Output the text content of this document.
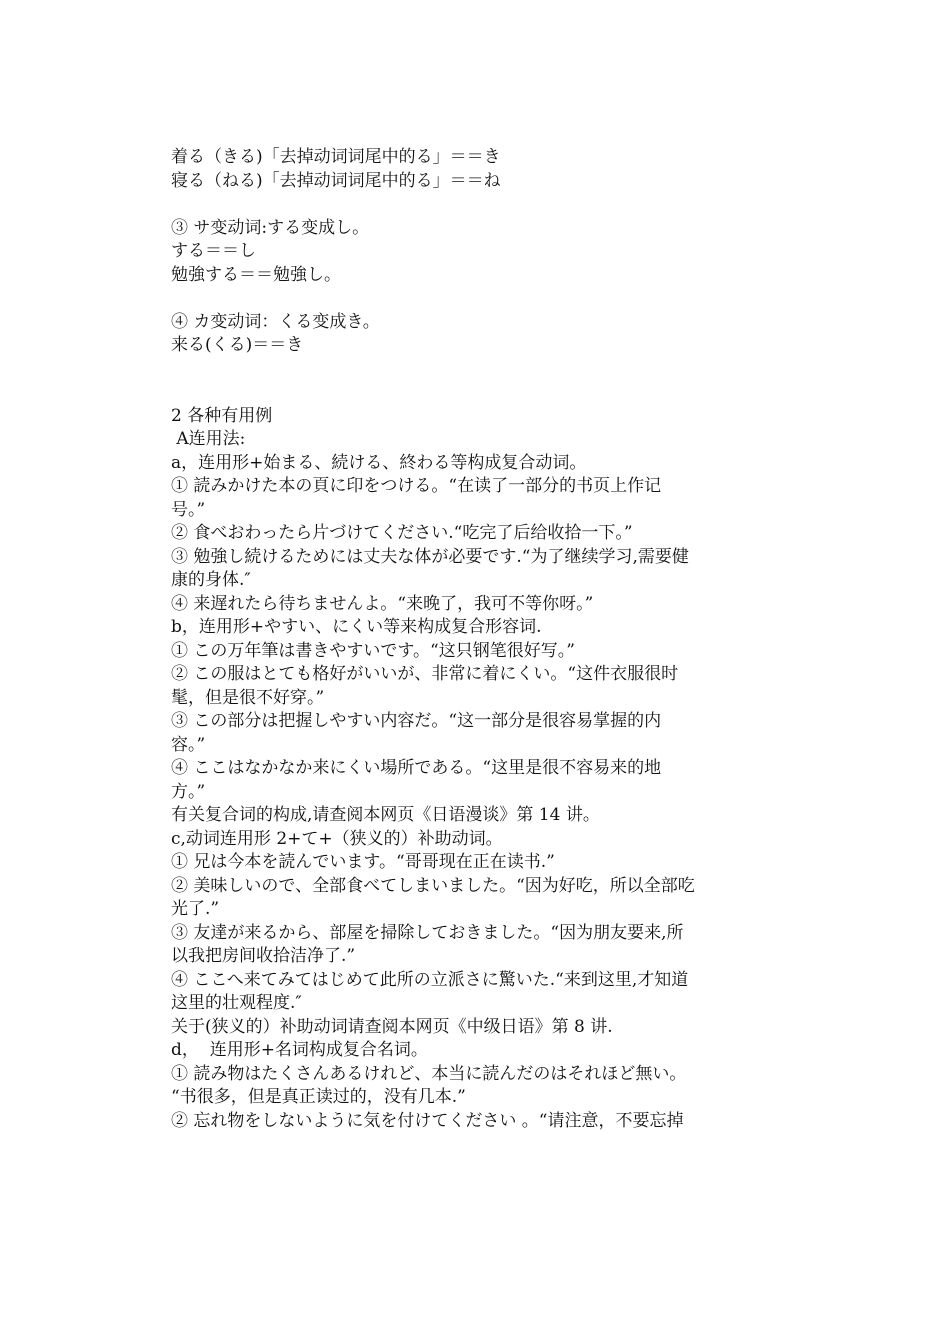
着る（きる)「去掉动词词尾中的る」＝＝き

寝る（ねる)「去掉动词词尾中的る」＝＝ね

③ サ变动词:する变成し。

する＝＝し

勉強する＝＝勉強し。

④ カ变动词：くる变成き。

来る(くる)＝＝き

2 各种有用例

A连用法:

a，连用形+始まる、続ける、終わる等构成复合动词。

① 読みかけた本の頁に印をつける。“在读了一部分的书页上作记

号。”

② 食べおわったら片づけてください.“吃完了后给收拾一下。”

③ 勉強し続けるためには丈夫な体が必要です.“为了继续学习,需要健

康的身体.″

④ 来遅れたら待ちませんよ。“来晚了，我可不等你呀。”

b，连用形+やすい、にくい等来构成复合形容词.

① この万年筆は書きやすいです。“这只钢笔很好写。”

② この服はとても格好がいいが、非常に着にくい。“这件衣服很时

髦，但是很不好穿。”

③ この部分は把握しやすい内容だ。“这一部分是很容易掌握的内

容。”

④ ここはなかなか来にくい場所である。“这里是很不容易来的地

方。”

有关复合词的构成,请查阅本网页《日语漫谈》第 14 讲。

c,动词连用形 2+て+（狭义的）补助动词。

① 兄は今本を読んでいます。“哥哥现在正在读书.”

② 美味しいので、全部食べてしまいました。“因为好吃，所以全部吃

光了.”

③ 友達が来るから、部屋を掃除しておきました。“因为朋友要来,所

以我把房间收拾洁净了.”

④ ここへ来てみてはじめて此所の立派さに驚いた.“来到这里,才知道

这里的壮观程度.″

关于(狭义的）补助动词请查阅本网页《中级日语》第 8 讲.

d，  连用形+名词构成复合名词。

① 読み物はたくさんあるけれど、本当に読んだのはそれほど無い。

“书很多，但是真正读过的，没有几本.”

② 忘れ物をしないように気を付けてください 。“请注意，不要忘掉
